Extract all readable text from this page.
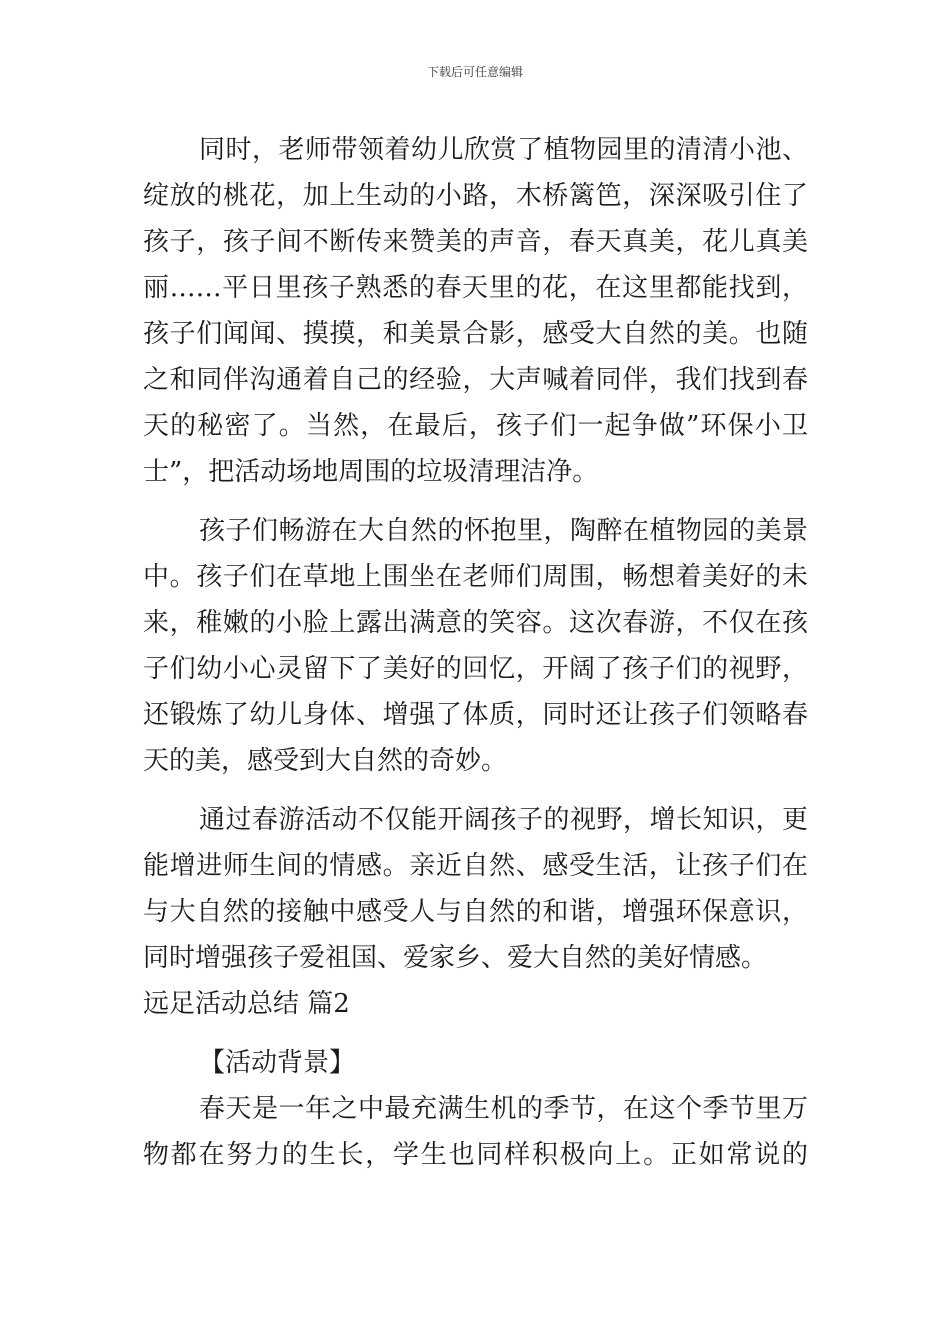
下载后可任意编辑
同时，老师带领着幼儿欣赏了植物园里的清清小池、
绽放的桃花，加上生动的小路，木桥篱笆，深深吸引住了
孩子，孩子间不断传来赞美的声音，春天真美，花儿真美
丽……平日里孩子熟悉的春天里的花，在这里都能找到，
孩子们闻闻、摸摸，和美景合影，感受大自然的美。也随
之和同伴沟通着自己的经验，大声喊着同伴，我们找到春
天的秘密了。当然，在最后，孩子们一起争做”环保小卫
士”，把活动场地周围的垃圾清理洁净。
孩子们畅游在大自然的怀抱里，陶醉在植物园的美景
中。孩子们在草地上围坐在老师们周围，畅想着美好的未
来，稚嫩的小脸上露出满意的笑容。这次春游，不仅在孩
子们幼小心灵留下了美好的回忆，开阔了孩子们的视野，
还锻炼了幼儿身体、增强了体质，同时还让孩子们领略春
天的美，感受到大自然的奇妙。
通过春游活动不仅能开阔孩子的视野，增长知识，更
能增进师生间的情感。亲近自然、感受生活，让孩子们在
与大自然的接触中感受人与自然的和谐，增强环保意识，
同时增强孩子爱祖国、爱家乡、爱大自然的美好情感。
远足活动总结 篇2
【活动背景】
春天是一年之中最充满生机的季节，在这个季节里万
物都在努力的生长，学生也同样积极向上。正如常说的
